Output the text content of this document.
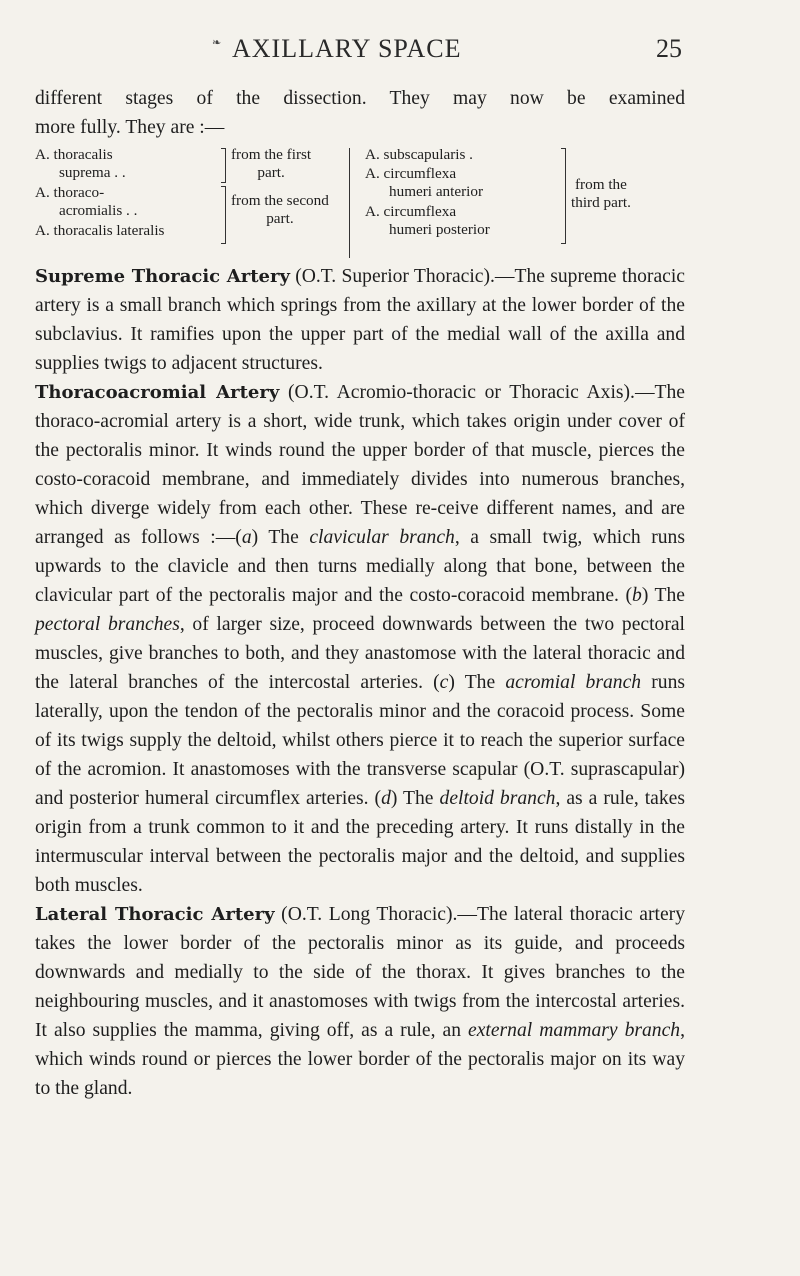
❧ AXILLARY SPACE	25
different stages of the dissection. They may now be examined
more fully. They are :—
A. thoracalis
suprema . .
A. thoraco-
acromialis . .
A. thoracalis lateralis
from the first
part.
from the second
part.
A. subscapularis .
A. circumflexa
humeri anterior
A. circumflexa
humeri posterior
from the
third part.

Supreme Thoracic Artery (O.T. Superior Thoracic).—The supreme thoracic artery is a small branch which springs from the axillary at the lower border of the subclavius. It ramifies upon the upper part of the medial wall of the axilla and supplies twigs to adjacent structures.

Thoracoacromial Artery (O.T. Acromio-thoracic or Thoracic Axis).—The thoraco-acromial artery is a short, wide trunk, which takes origin under cover of the pectoralis minor. It winds round the upper border of that muscle, pierces the costo-coracoid membrane, and immediately divides into numerous branches, which diverge widely from each other. These re-ceive different names, and are arranged as follows :—(a) The clavicular branch, a small twig, which runs upwards to the clavicle and then turns medially along that bone, between the clavicular part of the pectoralis major and the costo-coracoid membrane. (b) The pectoral branches, of larger size, proceed downwards between the two pectoral muscles, give branches to both, and they anastomose with the lateral thoracic and the lateral branches of the intercostal arteries. (c) The acromial branch runs laterally, upon the tendon of the pectoralis minor and the coracoid process. Some of its twigs supply the deltoid, whilst others pierce it to reach the superior surface of the acromion. It anastomoses with the transverse scapular (O.T. suprascapular) and posterior humeral circumflex arteries. (d) The deltoid branch, as a rule, takes origin from a trunk common to it and the preceding artery. It runs distally in the intermuscular interval between the pectoralis major and the deltoid, and supplies both muscles.

Lateral Thoracic Artery (O.T. Long Thoracic).—The lateral thoracic artery takes the lower border of the pectoralis minor as its guide, and proceeds downwards and medially to the side of the thorax. It gives branches to the neighbouring muscles, and it anastomoses with twigs from the intercostal arteries. It also supplies the mamma, giving off, as a rule, an external mammary branch, which winds round or pierces the lower border of the pectoralis major on its way to the gland.
